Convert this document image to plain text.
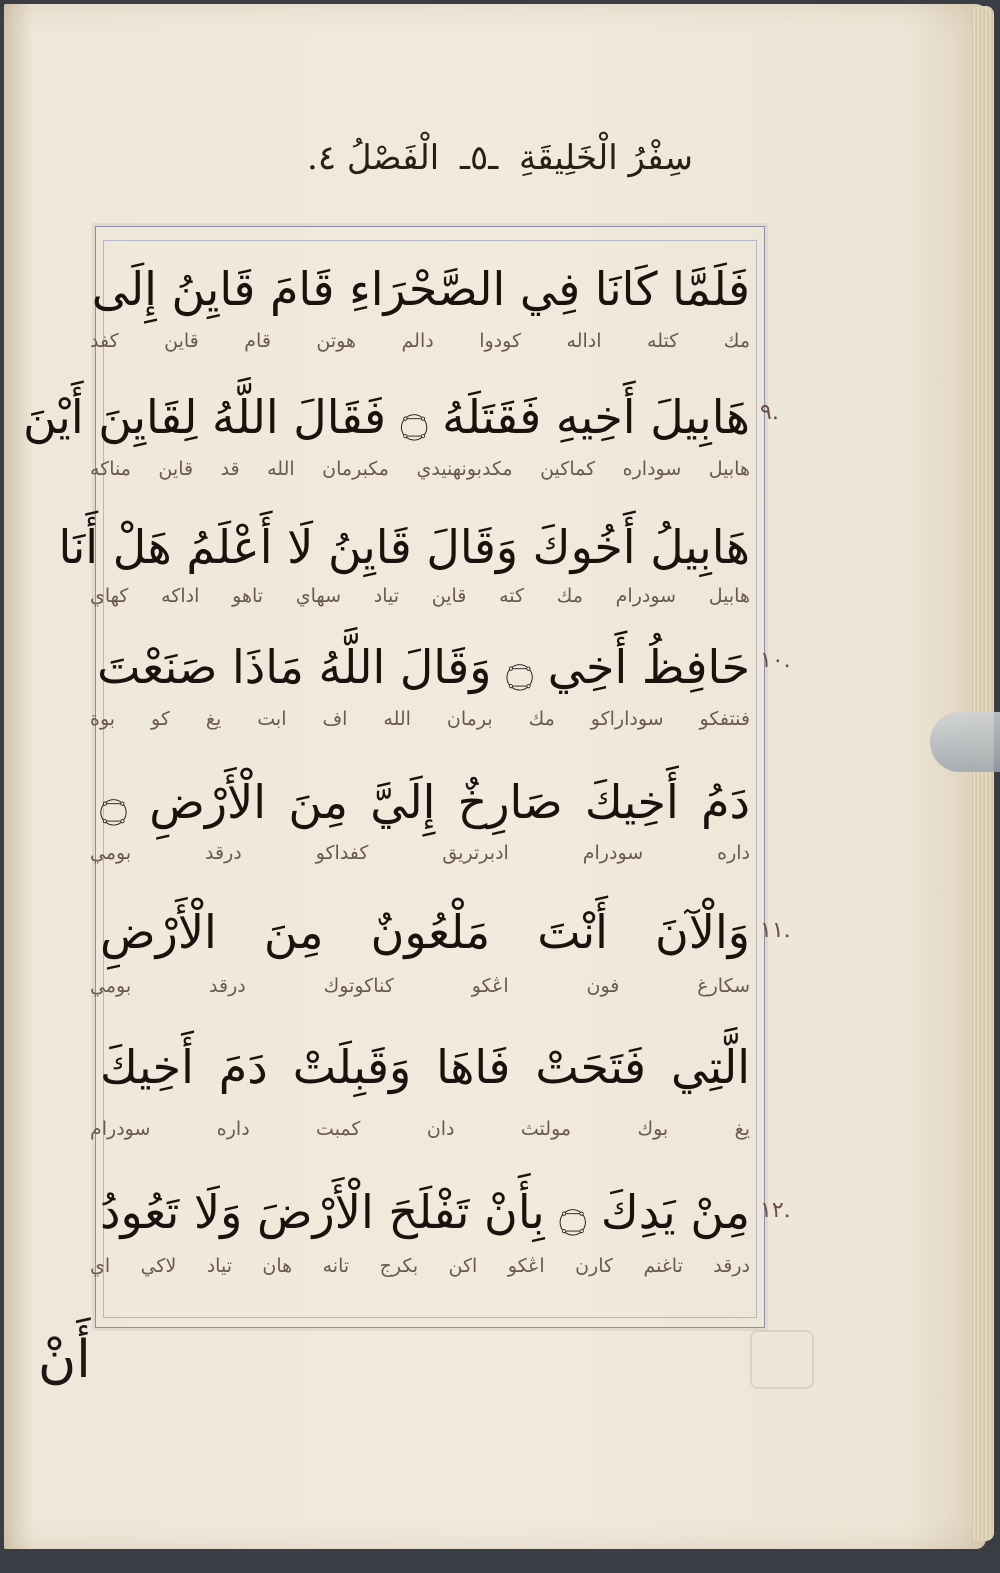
سِفْرُ الْخَلِيقَةِ ـ٥ـ الْفَصْلُ ٤.
فَلَمَّا كَانَا فِي الصَّحْرَاءِ قَامَ قَايِنُ إِلَى
مك كتله اداله كودوا دالم هوتن قام قاين كفد
هَابِيلَ أَخِيهِ فَقَتَلَهُ ۝ فَقَالَ اللَّهُ لِقَايِنَ أَيْنَ
هابيل سوداره كماكين مكدبونهنيدي مكبرمان الله قد قاين مناكه
هَابِيلُ أَخُوكَ وَقَالَ قَايِنُ لَا أَعْلَمُ هَلْ أَنَا
هابيل سودرام مك كته قاين تياد سهاي تاهو اداكه كهاي
حَافِظُ أَخِي ۝ وَقَالَ اللَّهُ مَاذَا صَنَعْتَ
فنتفكو سوداراكو مك برمان الله اف ابت يغ كو بوة
دَمُ أَخِيكَ صَارِخٌ إِلَيَّ مِنَ الْأَرْضِ ۝
داره سودرام ادبرتريق كفداكو درقد بومي
وَالْآنَ أَنْتَ مَلْعُونٌ مِنَ الْأَرْضِ
سكارغ فون اڠكو كناكوتوك درقد بومي
الَّتِي فَتَحَتْ فَاهَا وَقَبِلَتْ دَمَ أَخِيكَ
يغ بوك مولتث دان كمبت داره سودرام
مِنْ يَدِكَ ۝ بِأَنْ تَفْلَحَ الْأَرْضَ وَلَا تَعُودُ
درقد تاغنم كارن اڠكو اكن بكرج تانه هان تياد لاكي اي
٩.
١٠.
١١.
١٢.
أَنْ
